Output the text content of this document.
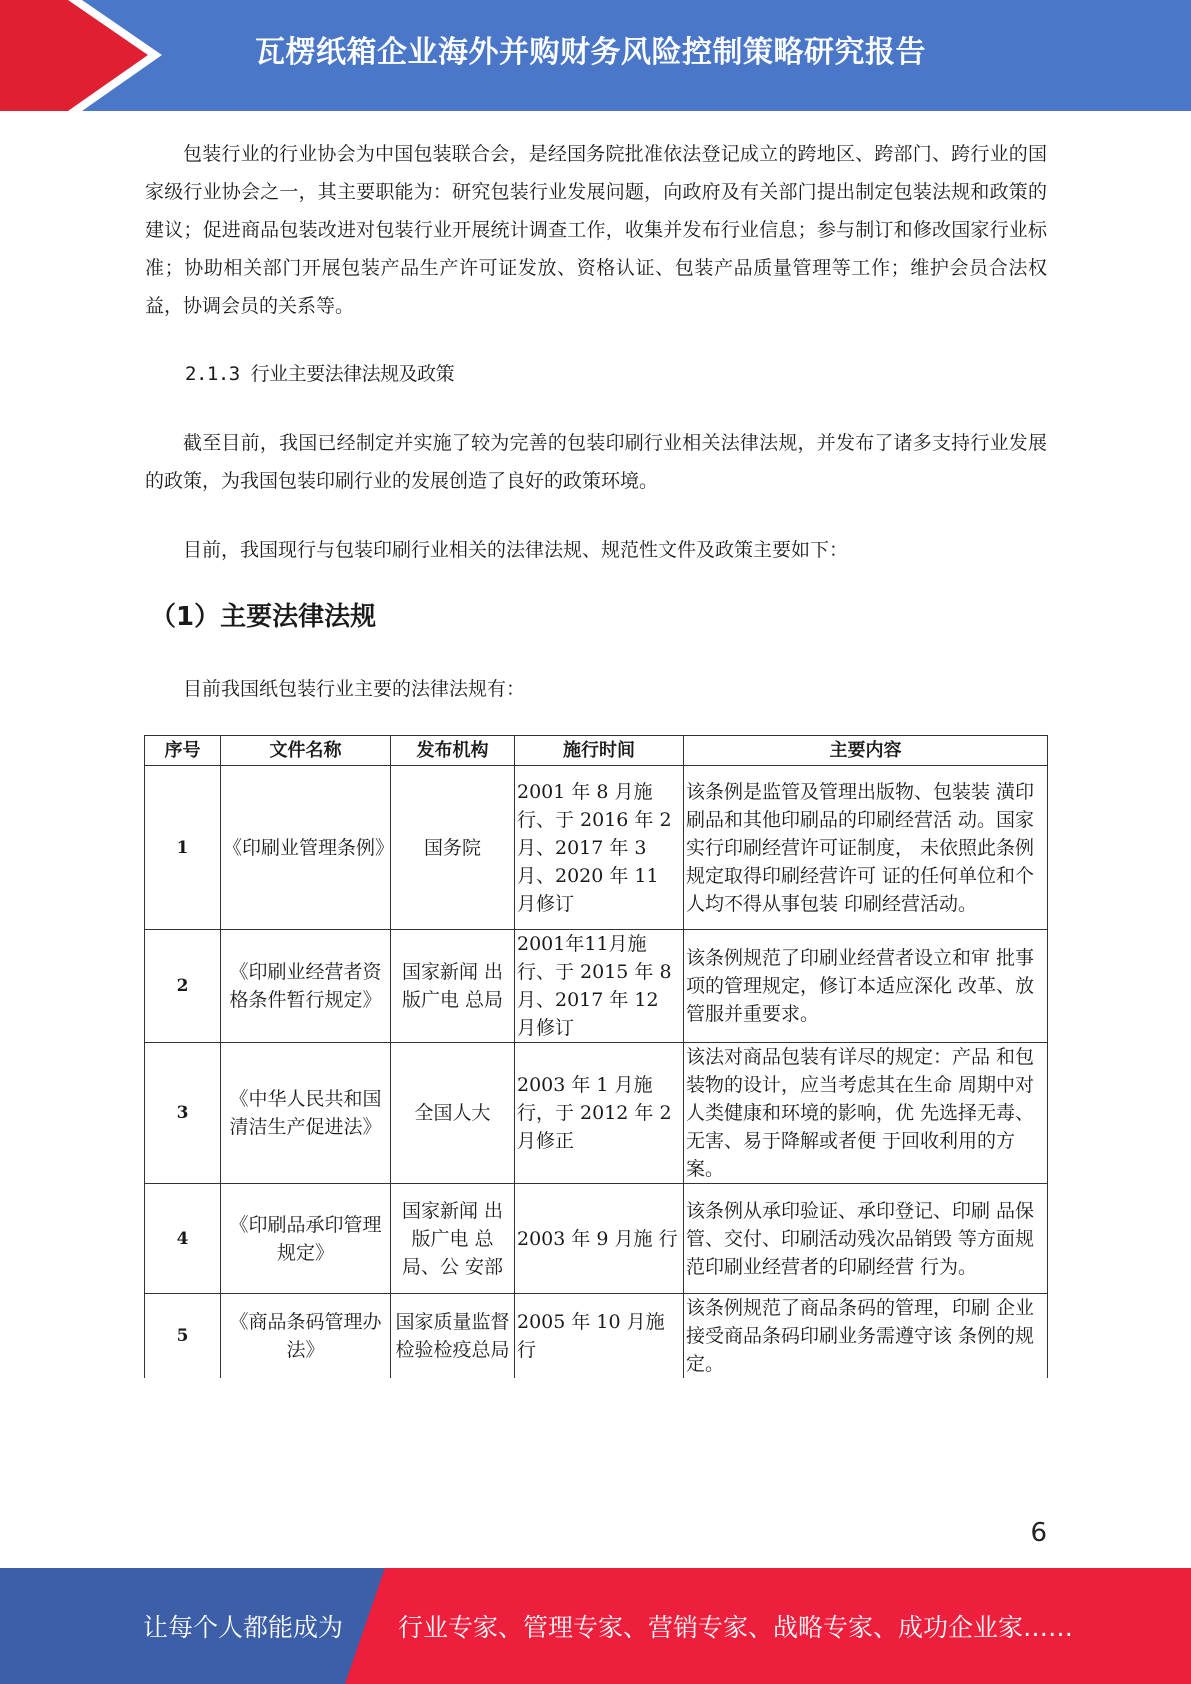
瓦楞纸箱企业海外并购财务风险控制策略研究报告

包装行业的行业协会为中国包装联合会，是经国务院批准依法登记成立的跨地区、跨部门、跨行业的国家级行业协会之一，其主要职能为：研究包装行业发展问题，向政府及有关部门提出制定包装法规和政策的建议；促进商品包装改进对包装行业开展统计调查工作，收集并发布行业信息；参与制订和修改国家行业标准；协助相关部门开展包装产品生产许可证发放、资格认证、包装产品质量管理等工作；维护会员合法权益，协调会员的关系等。

2.1.3 行业主要法律法规及政策

截至目前，我国已经制定并实施了较为完善的包装印刷行业相关法律法规，并发布了诸多支持行业发展的政策，为我国包装印刷行业的发展创造了良好的政策环境。

目前，我国现行与包装印刷行业相关的法律法规、规范性文件及政策主要如下：

（1）主要法律法规

目前我国纸包装行业主要的法律法规有：

序号	文件名称	发布机构	施行时间	主要内容
1	《印刷业管理条例》	国务院	2001 年 8 月施 行、于 2016 年 2 月、2017 年 3 月、2020 年 11 月修订	该条例是监管及管理出版物、包装装 潢印刷品和其他印刷品的印刷经营活 动。国家实行印刷经营许可证制度， 未依照此条例规定取得印刷经营许可 证的任何单位和个人均不得从事包装 印刷经营活动。
2	《印刷业经营者资格条件暂行规定》	国家新闻 出版广电 总局	2001年11月施 行、于 2015 年 8 月、2017 年 12 月修订	该条例规范了印刷业经营者设立和审 批事项的管理规定，修订本适应深化 改革、放管服并重要求。
3	《中华人民共和国清洁生产促进法》	全国人大	2003 年 1 月施 行，于 2012 年 2 月修正	该法对商品包装有详尽的规定：产品 和包装物的设计，应当考虑其在生命 周期中对人类健康和环境的影响，优 先选择无毒、无害、易于降解或者便 于回收利用的方案。
4	《印刷品承印管理规定》	国家新闻 出版广电 总局、公 安部	2003 年 9 月施 行	该条例从承印验证、承印登记、印刷 品保管、交付、印刷活动残次品销毁 等方面规范印刷业经营者的印刷经营 行为。
5	《商品条码管理办法》	国家质量监督检验检疫总局	2005 年 10 月施 行	该条例规范了商品条码的管理，印刷 企业接受商品条码印刷业务需遵守该 条例的规定。
6
让每个人都能成为 行业专家、管理专家、营销专家、战略专家、成功企业家……
